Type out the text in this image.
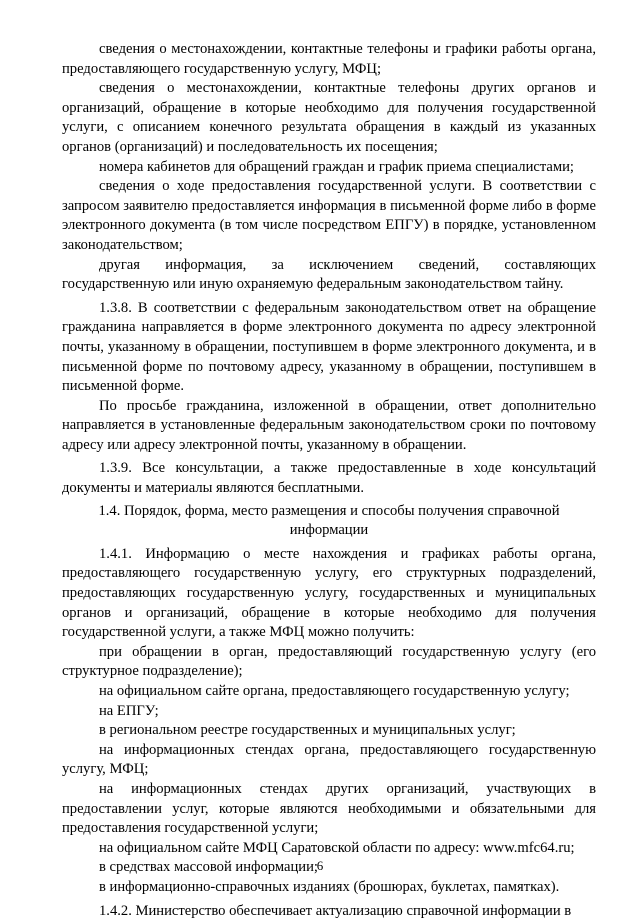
сведения о местонахождении, контактные телефоны и графики работы органа, предоставляющего государственную услугу, МФЦ;

сведения о местонахождении, контактные телефоны других органов и организаций, обращение в которые необходимо для получения государственной услуги, с описанием конечного результата обращения в каждый из указанных органов (организаций) и последовательность их посещения;

номера кабинетов для обращений граждан и график приема специалистами;

сведения о ходе предоставления государственной услуги. В соответствии с запросом заявителю предоставляется информация в письменной форме либо в форме электронного документа (в том числе посредством ЕПГУ) в порядке, установленном законодательством;

другая информация, за исключением сведений, составляющих государственную или иную охраняемую федеральным законодательством тайну.

1.3.8. В соответствии с федеральным законодательством ответ на обращение гражданина направляется в форме электронного документа по адресу электронной почты, указанному в обращении, поступившем в форме электронного документа, и в письменной форме по почтовому адресу, указанному в обращении, поступившем в письменной форме.

По просьбе гражданина, изложенной в обращении, ответ дополнительно направляется в установленные федеральным законодательством сроки по почтовому адресу или адресу электронной почты, указанному в обращении.

1.3.9. Все консультации, а также предоставленные в ходе консультаций документы и материалы являются бесплатными.

1.4. Порядок, форма, место размещения и способы получения справочной информации

1.4.1. Информацию о месте нахождения и графиках работы органа, предоставляющего государственную услугу, его структурных подразделений, предоставляющих государственную услугу, государственных и муниципальных органов и организаций, обращение в которые необходимо для получения государственной услуги, а также МФЦ можно получить:

при обращении в орган, предоставляющий государственную услугу (его структурное подразделение);

на официальном сайте органа, предоставляющего государственную услугу;

на ЕПГУ;

в региональном реестре государственных и муниципальных услуг;

на информационных стендах органа, предоставляющего государственную услугу, МФЦ;

на информационных стендах других организаций, участвующих в предоставлении услуг, которые являются необходимыми и обязательными для предоставления государственной услуги;

на официальном сайте МФЦ Саратовской области по адресу: www.mfc64.ru;

в средствах массовой информации;

в информационно-справочных изданиях (брошюрах, буклетах, памятках).

1.4.2. Министерство обеспечивает актуализацию справочной информации в

6
